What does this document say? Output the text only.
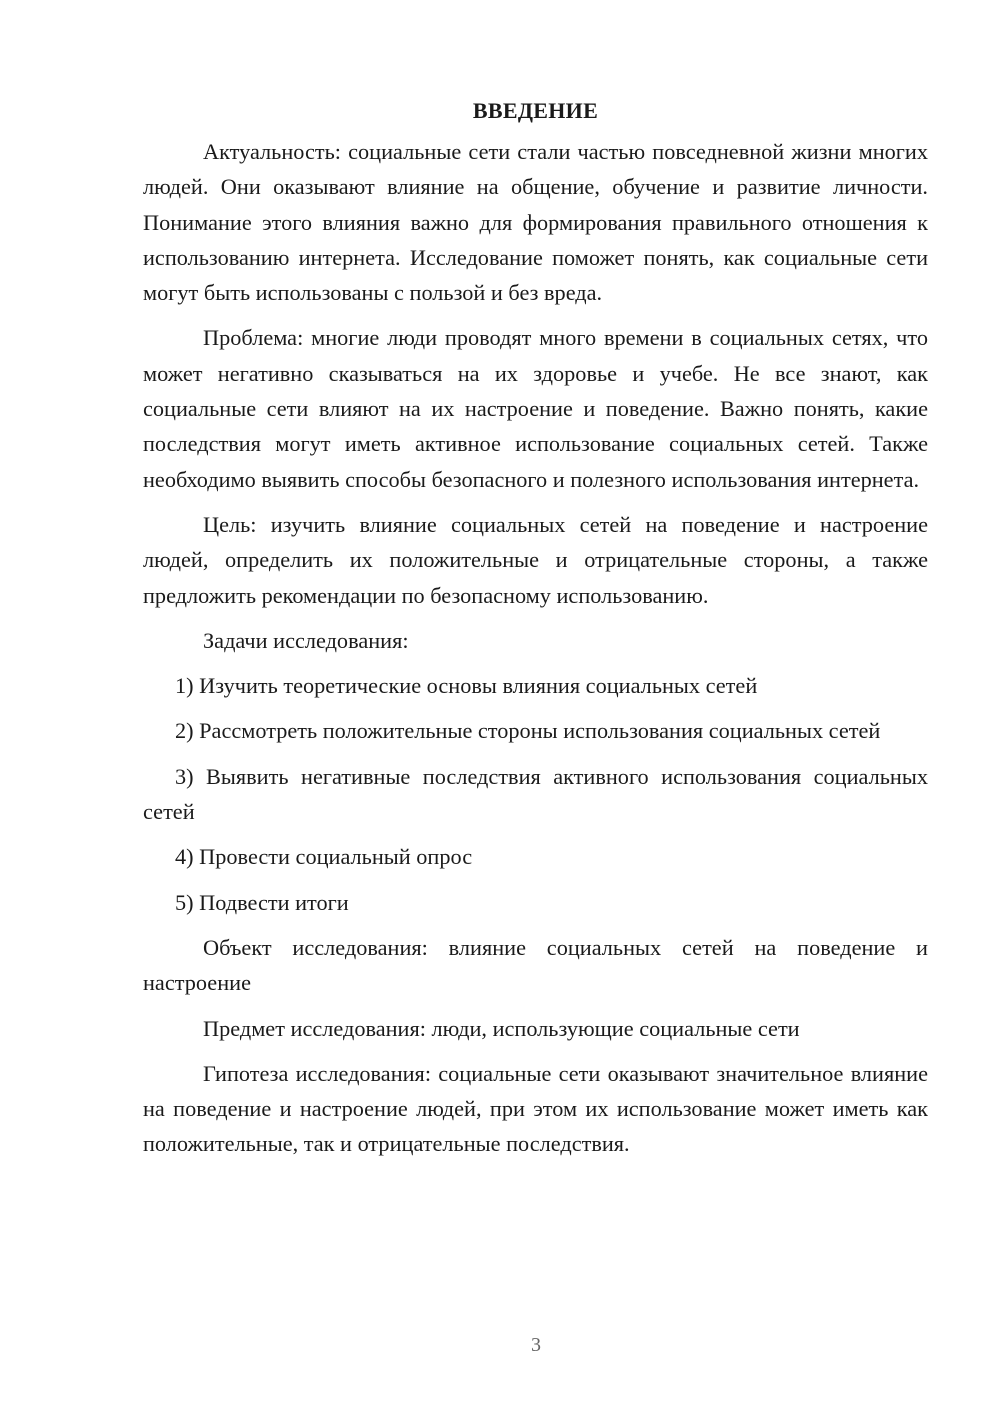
ВВЕДЕНИЕ

Актуальность: социальные сети стали частью повседневной жизни многих людей. Они оказывают влияние на общение, обучение и развитие личности. Понимание этого влияния важно для формирования правильного отношения к использованию интернета. Исследование поможет понять, как социальные сети могут быть использованы с пользой и без вреда.

Проблема: многие люди проводят много времени в социальных сетях, что может негативно сказываться на их здоровье и учебе. Не все знают, как социальные сети влияют на их настроение и поведение. Важно понять, какие последствия могут иметь активное использование социальных сетей. Также необходимо выявить способы безопасного и полезного использования интернета.

Цель: изучить влияние социальных сетей на поведение и настроение людей, определить их положительные и отрицательные стороны, а также предложить рекомендации по безопасному использованию.

Задачи исследования:

1) Изучить теоретические основы влияния социальных сетей

2) Рассмотреть положительные стороны использования социальных сетей

3) Выявить негативные последствия активного использования социальных сетей

4) Провести социальный опрос

5) Подвести итоги

Объект исследования: влияние социальных сетей на поведение и настроение

Предмет исследования: люди, использующие социальные сети

Гипотеза исследования: социальные сети оказывают значительное влияние на поведение и настроение людей, при этом их использование может иметь как положительные, так и отрицательные последствия.

3
